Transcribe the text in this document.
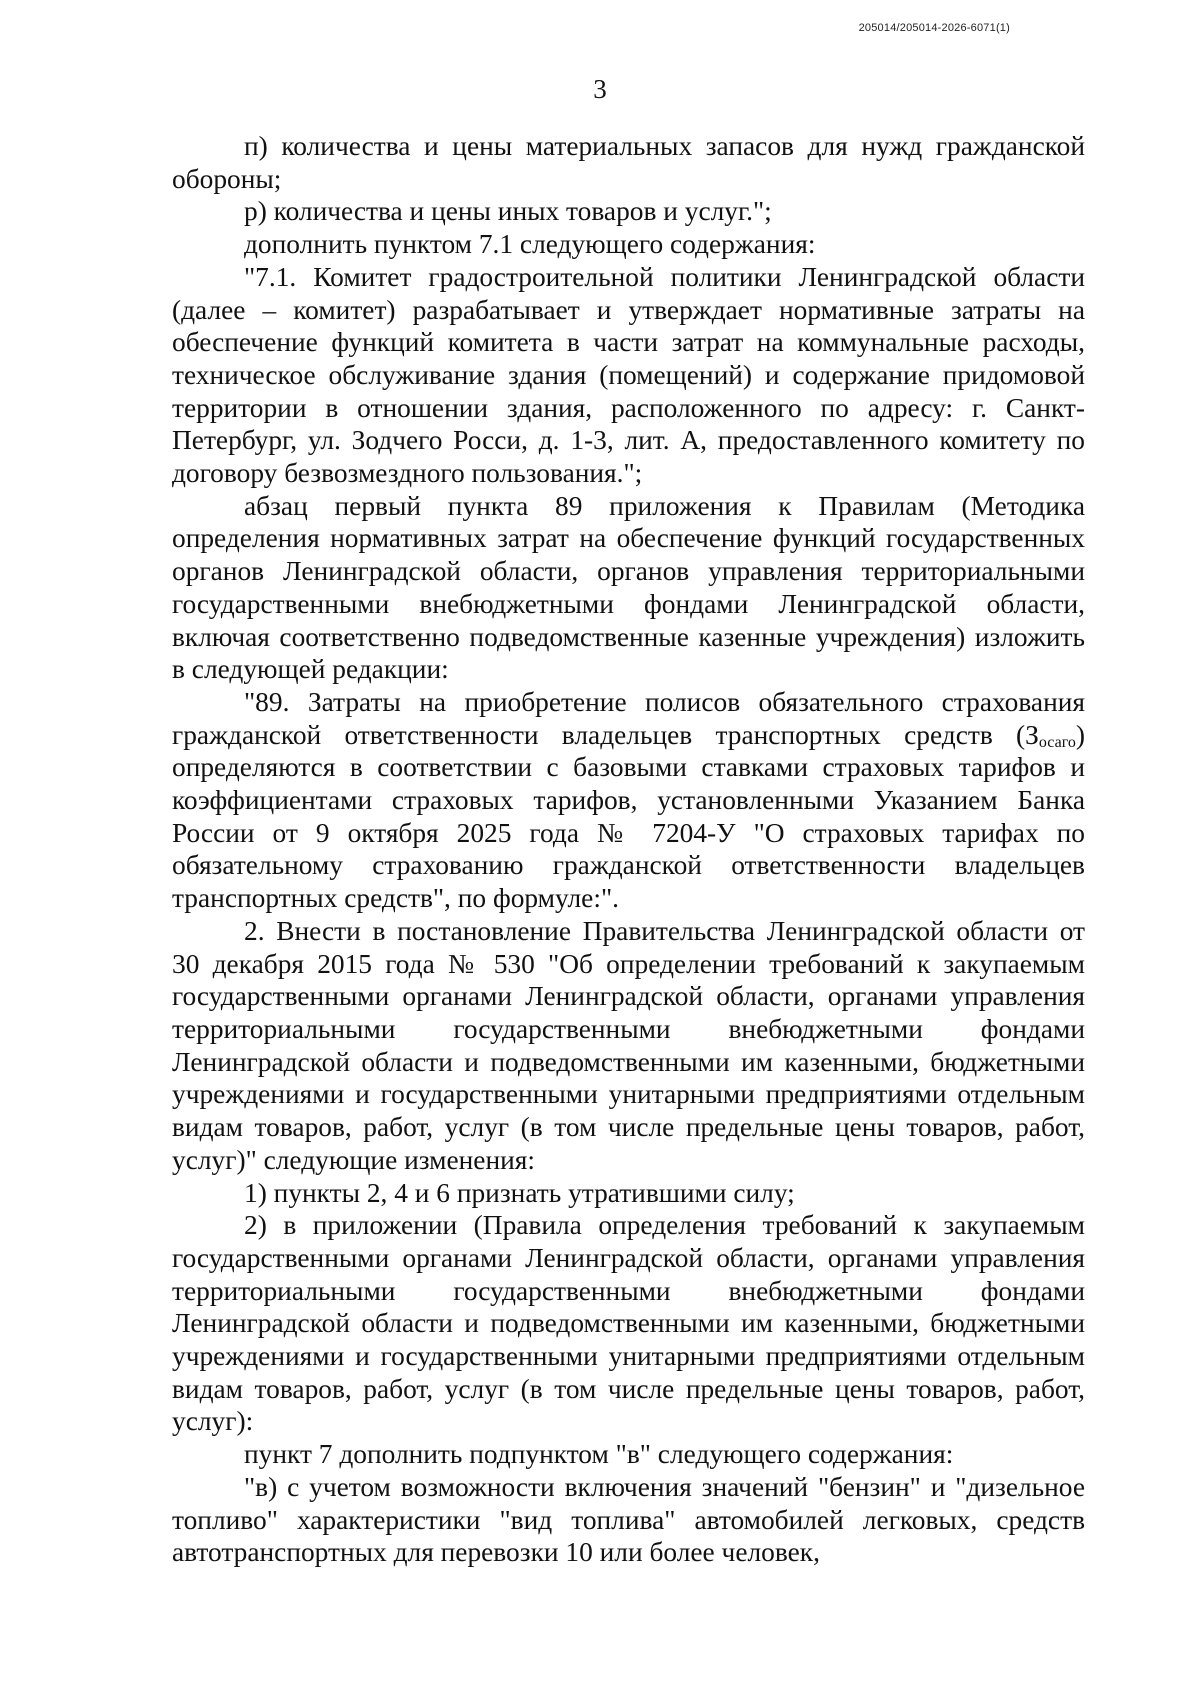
205014/205014-2026-6071(1)
3

п) количества и цены материальных запасов для нужд гражданской обороны;

р) количества и цены иных товаров и услуг.";

дополнить пунктом 7.1 следующего содержания:

"7.1. Комитет градостроительной политики Ленинградской области (далее – комитет) разрабатывает и утверждает нормативные затраты на обеспечение функций комитета в части затрат на коммунальные расходы, техническое обслуживание здания (помещений) и содержание придомовой территории в отношении здания, расположенного по адресу: г. Санкт-Петербург, ул. Зодчего Росси, д. 1-3, лит. А, предоставленного комитету по договору безвозмездного пользования.";

абзац первый пункта 89 приложения к Правилам (Методика определения нормативных затрат на обеспечение функций государственных органов Ленинградской области, органов управления территориальными государственными внебюджетными фондами Ленинградской области, включая соответственно подведомственные казенные учреждения) изложить в следующей редакции:

"89. Затраты на приобретение полисов обязательного страхования гражданской ответственности владельцев транспортных средств $(З_{осаго})$ определяются в соответствии с базовыми ставками страховых тарифов и коэффициентами страховых тарифов, установленными Указанием Банка России от 9 октября 2025 года № 7204-У "О страховых тарифах по обязательному страхованию гражданской ответственности владельцев транспортных средств", по формуле:".

2. Внести в постановление Правительства Ленинградской области от 30 декабря 2015 года № 530 "Об определении требований к закупаемым государственными органами Ленинградской области, органами управления территориальными государственными внебюджетными фондами Ленинградской области и подведомственными им казенными, бюджетными учреждениями и государственными унитарными предприятиями отдельным видам товаров, работ, услуг (в том числе предельные цены товаров, работ, услуг)" следующие изменения:

1) пункты 2, 4 и 6 признать утратившими силу;

2) в приложении (Правила определения требований к закупаемым государственными органами Ленинградской области, органами управления территориальными государственными внебюджетными фондами Ленинградской области и подведомственными им казенными, бюджетными учреждениями и государственными унитарными предприятиями отдельным видам товаров, работ, услуг (в том числе предельные цены товаров, работ, услуг):

пункт 7 дополнить подпунктом "в" следующего содержания:

"в) с учетом возможности включения значений "бензин" и "дизельное топливо" характеристики "вид топлива" автомобилей легковых, средств автотранспортных для перевозки 10 или более человек,
